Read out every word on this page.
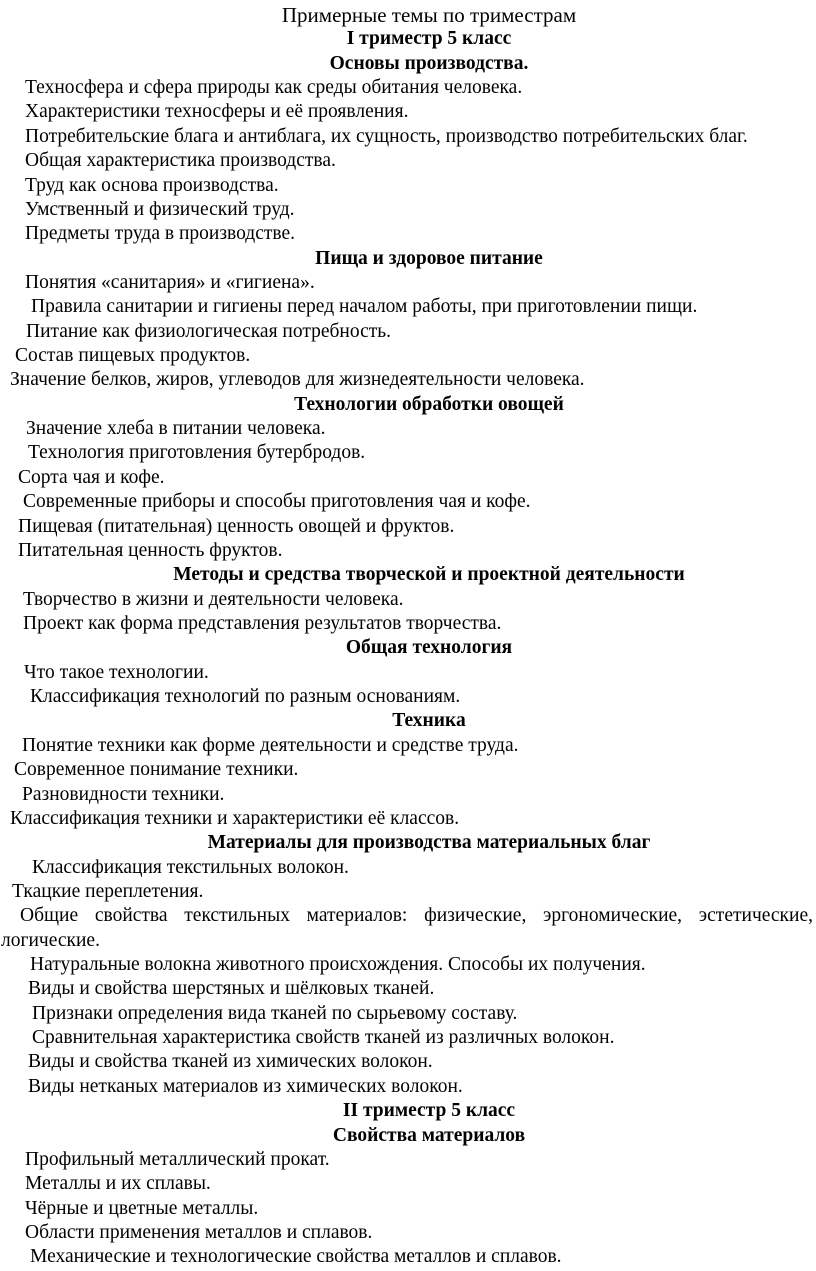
Примерные темы по триместрам
I триместр 5 класс
Основы производства.
Техносфера и сфера природы как среды обитания человека.
Характеристики техносферы и её проявления.
Потребительские блага и антиблага, их сущность, производство потребительских благ.
Общая характеристика производства.
Труд как основа производства.
Умственный и физический труд.
Предметы труда в производстве.
Пища и здоровое питание
Понятия «санитария» и «гигиена».
Правила санитарии и гигиены перед началом работы, при приготовлении пищи.
Питание как физиологическая потребность.
Состав пищевых продуктов.
Значение белков, жиров, углеводов для жизнедеятельности человека.
Технологии обработки овощей
Значение хлеба в питании человека.
Технология приготовления бутербродов.
Сорта чая и кофе.
Современные приборы и способы приготовления чая и кофе.
Пищевая (питательная) ценность овощей и фруктов.
Питательная ценность фруктов.
Методы и средства творческой и проектной деятельности
Творчество в жизни и деятельности человека.
Проект как форма представления результатов творчества.
Общая технология
Что такое технологии.
Классификация технологий по разным основаниям.
Техника
Понятие техники как форме деятельности и средстве труда.
Современное понимание техники.
Разновидности техники.
Классификация техники и характеристики её классов.
Материалы для производства материальных благ
Классификация текстильных волокон.
Ткацкие переплетения.
Общие свойства текстильных материалов: физические, эргономические, эстетические,
логические.
Натуральные волокна животного происхождения. Способы их получения.
Виды и свойства шерстяных и шёлковых тканей.
Признаки определения вида тканей по сырьевому составу.
Сравнительная характеристика свойств тканей из различных волокон.
Виды и свойства тканей из химических волокон.
Виды нетканых материалов из химических волокон.
II триместр 5 класс
Свойства материалов
Профильный металлический прокат.
Металлы и их сплавы.
Чёрные и цветные металлы.
Области применения металлов и сплавов.
Механические и технологические свойства металлов и сплавов.
